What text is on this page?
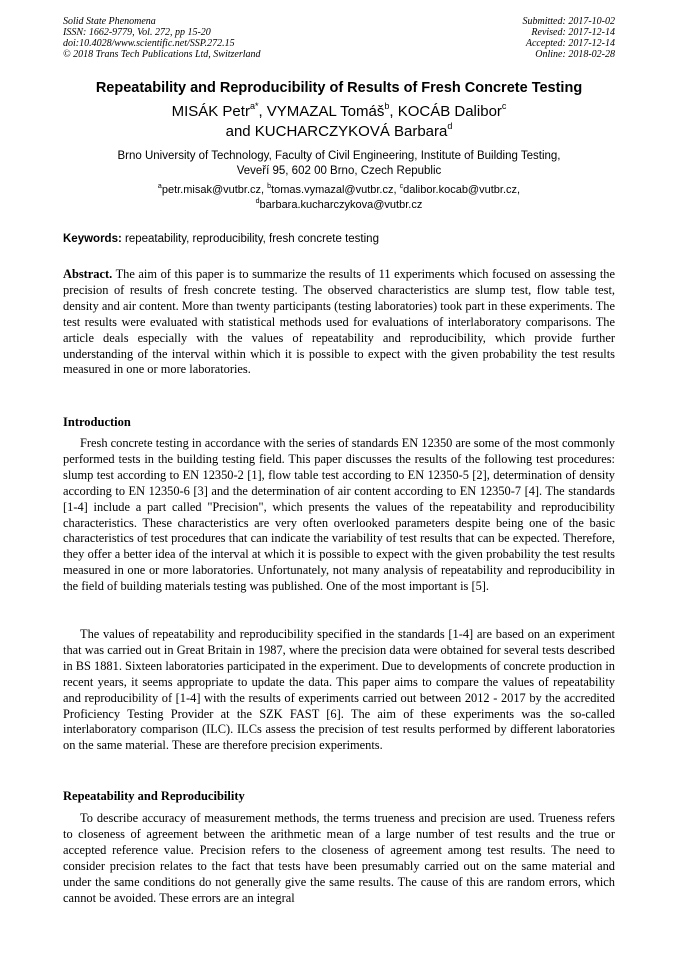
Solid State Phenomena
ISSN: 1662-9779, Vol. 272, pp 15-20
doi:10.4028/www.scientific.net/SSP.272.15
© 2018 Trans Tech Publications Ltd, Switzerland
Submitted: 2017-10-02
Revised: 2017-12-14
Accepted: 2017-12-14
Online: 2018-02-28
Repeatability and Reproducibility of Results of Fresh Concrete Testing
MISÁK Petr$^{a*}$, VYMAZAL Tomáš$^b$, KOCÁB Dalibor$^c$
and KUCHARCZYKOVÁ Barbara$^d$
Brno University of Technology, Faculty of Civil Engineering, Institute of Building Testing,
Veveří 95, 602 00 Brno, Czech Republic
$^a$petr.misak@vutbr.cz, $^b$tomas.vymazal@vutbr.cz, $^c$dalibor.kocab@vutbr.cz,
$^d$barbara.kucharczykova@vutbr.cz
Keywords: repeatability, reproducibility, fresh concrete testing
Abstract. The aim of this paper is to summarize the results of 11 experiments which focused on assessing the precision of results of fresh concrete testing. The observed characteristics are slump test, flow table test, density and air content. More than twenty participants (testing laboratories) took part in these experiments. The test results were evaluated with statistical methods used for evaluations of interlaboratory comparisons. The article deals especially with the values of repeatability and reproducibility, which provide further understanding of the interval within which it is possible to expect with the given probability the test results measured in one or more laboratories.
Introduction

Fresh concrete testing in accordance with the series of standards EN 12350 are some of the most commonly performed tests in the building testing field. This paper discusses the results of the following test procedures: slump test according to EN 12350-2 [1], flow table test according to EN 12350-5 [2], determination of density according to EN 12350-6 [3] and the determination of air content according to EN 12350-7 [4]. The standards [1-4] include a part called "Precision", which presents the values of the repeatability and reproducibility characteristics. These characteristics are very often overlooked parameters despite being one of the basic characteristics of test procedures that can indicate the variability of test results that can be expected. Therefore, they offer a better idea of the interval at which it is possible to expect with the given probability the test results measured in one or more laboratories. Unfortunately, not many analysis of repeatability and reproducibility in the field of building materials testing was published. One of the most important is [5].

The values of repeatability and reproducibility specified in the standards [1-4] are based on an experiment that was carried out in Great Britain in 1987, where the precision data were obtained for several tests described in BS 1881. Sixteen laboratories participated in the experiment. Due to developments of concrete production in recent years, it seems appropriate to update the data. This paper aims to compare the values of repeatability and reproducibility of [1-4] with the results of experiments carried out between 2012 - 2017 by the accredited Proficiency Testing Provider at the SZK FAST [6]. The aim of these experiments was the so-called interlaboratory comparison (ILC). ILCs assess the precision of test results performed by different laboratories on the same material. These are therefore precision experiments.

Repeatability and Reproducibility

To describe accuracy of measurement methods, the terms trueness and precision are used. Trueness refers to closeness of agreement between the arithmetic mean of a large number of test results and the true or accepted reference value. Precision refers to the closeness of agreement among test results. The need to consider precision relates to the fact that tests have been presumably carried out on the same material and under the same conditions do not generally give the same results. The cause of this are random errors, which cannot be avoided. These errors are an integral
